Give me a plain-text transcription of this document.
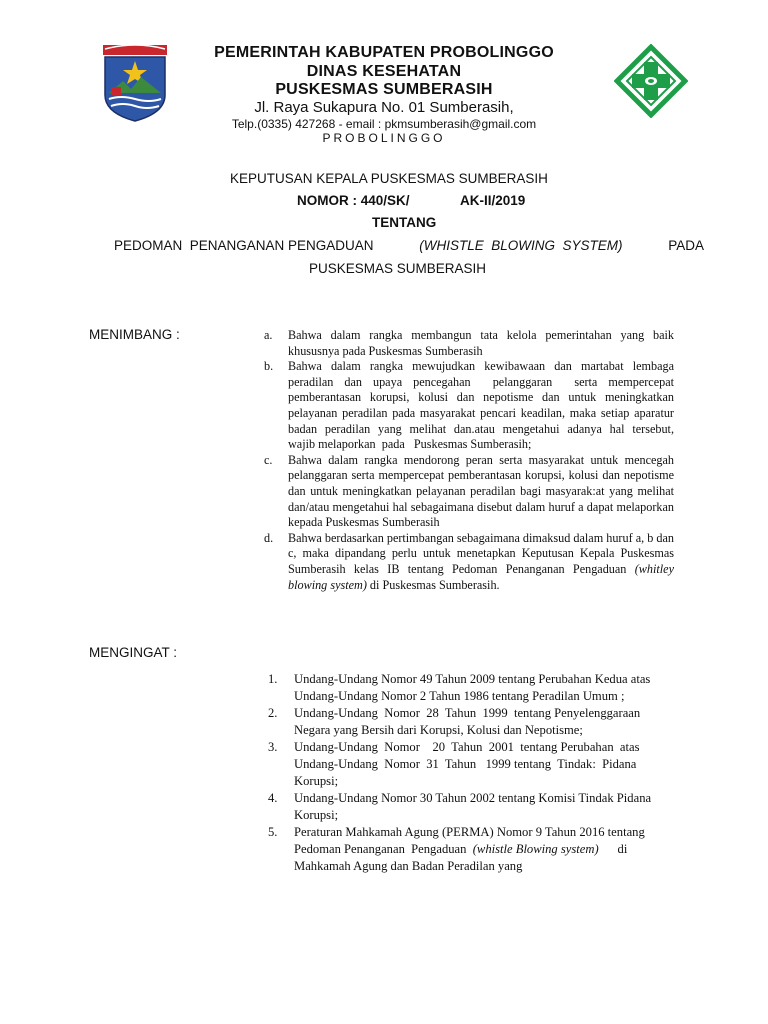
PEMERINTAH KABUPATEN PROBOLINGGO
DINAS KESEHATAN
PUSKESMAS SUMBERASIH
Jl. Raya Sukapura No. 01 Sumberasih,
Telp.(0335) 427268 - email : pkmsumberasih@gmail.com
PROBOLINGGO
KEPUTUSAN KEPALA PUSKESMAS SUMBERASIH
NOMOR : 440/SK/	AK-II/2019
TENTANG
PEDOMAN  PENANGANAN PENGADUAN	(WHISTLE  BLOWING  SYSTEM)	PADA
PUSKESMAS SUMBERASIH
MENIMBANG :	a. Bahwa dalam rangka membangun tata kelola pemerintahan yang baik khususnya pada Puskesmas Sumberasih
b. Bahwa dalam rangka mewujudkan kewibawaan dan martabat lembaga peradilan dan upaya pencegahan  pelanggaran  serta mempercepat pemberantasan korupsi, kolusi dan nepotisme dan untuk meningkatkan pelayanan peradilan pada masyarakat pencari keadilan, maka setiap aparatur badan peradilan yang melihat dan.atau mengetahui adanya hal tersebut,    wajib melaporkan  pada   Puskesmas Sumberasih;
c. Bahwa dalam rangka mendorong peran serta masyarakat untuk mencegah pelanggaran serta mempercepat pemberantasan korupsi, kolusi dan nepotisme dan untuk meningkatkan pelayanan peradilan bagi masyarak:at yang melihat dan/atau mengetahui hal sebagaimana disebut dalam huruf a dapat melaporkan kepada Puskesmas Sumberasih
d. Bahwa berdasarkan pertimbangan sebagaimana dimaksud dalam huruf a, b dan c, maka dipandang perlu untuk menetapkan Keputusan Kepala Puskesmas Sumberasih kelas IB tentang Pedoman Penanganan Pengaduan (whitley blowing system) di Puskesmas Sumberasih.
MENGINGAT :
1. Undang-Undang Nomor 49 Tahun 2009 tentang Perubahan Kedua atas Undang-Undang Nomor 2 Tahun 1986 tentang Peradilan Umum ;
2. Undang-Undang  Nomor  28  Tahun  1999  tentang Penyelenggaraan Negara yang Bersih dari Korupsi, Kolusi dan Nepotisme;
3. Undang-Undang  Nomor    20  Tahun  2001  tentang Perubahan  atas Undang-Undang  Nomor  31  Tahun   1999 tentang  Tindak:  Pidana Korupsi;
4. Undang-Undang Nomor 30 Tahun 2002 tentang Komisi Tindak Pidana Korupsi;
5. Peraturan Mahkamah Agung (PERMA) Nomor 9 Tahun 2016 tentang Pedoman Penanganan  Pengaduan  (whistle Blowing system)      di Mahkamah Agung dan Badan Peradilan yang
